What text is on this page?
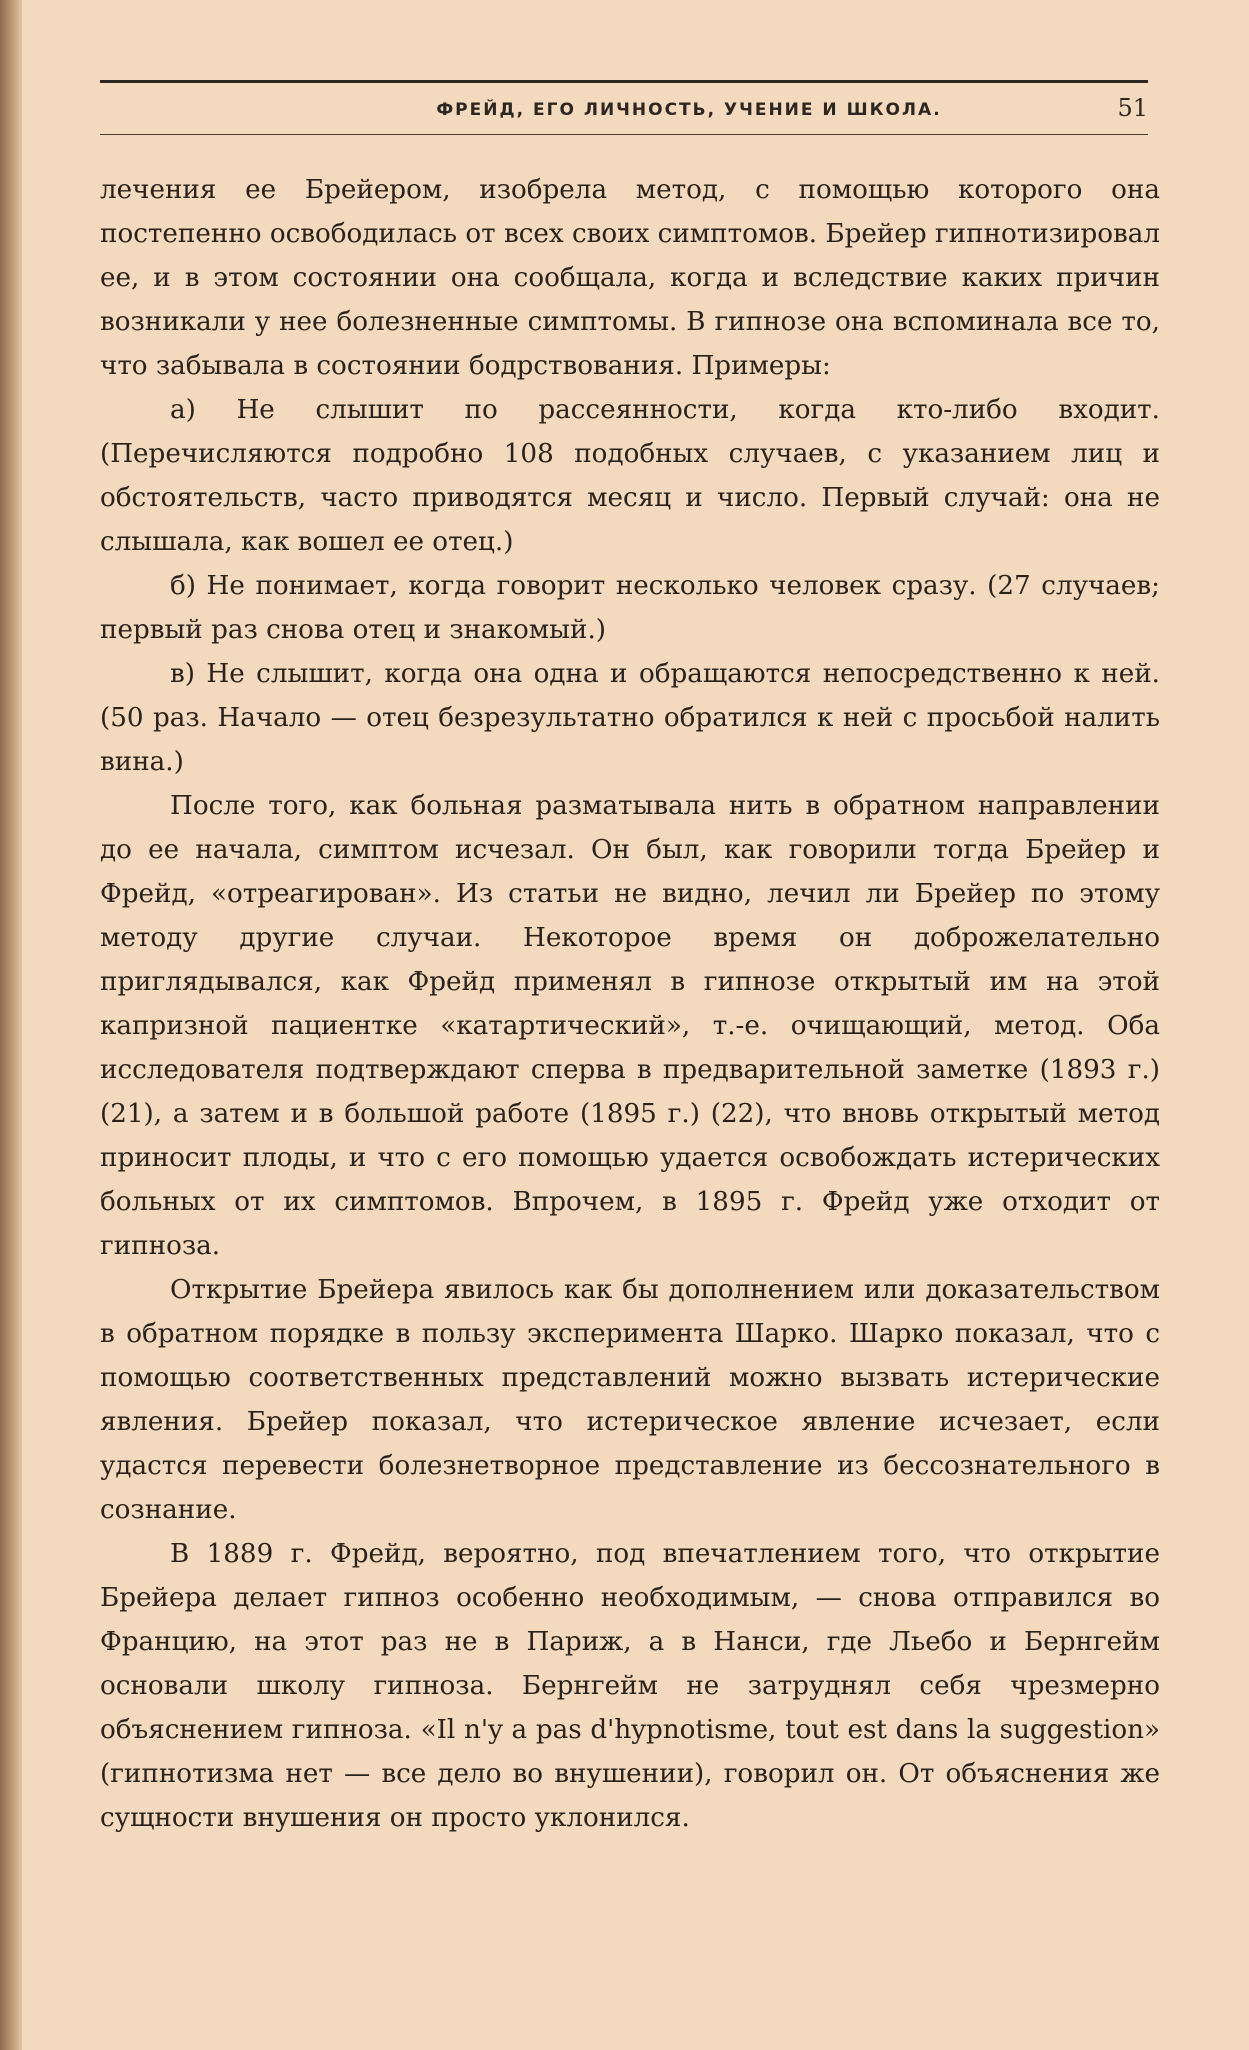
ФРЕЙД, ЕГО ЛИЧНОСТЬ, УЧЕНИЕ И ШКОЛА.	51

лечения ее Брейером, изобрела метод, с помощью которого она постепенно освободилась от всех своих симптомов. Брейер гипнотизировал ее, и в этом состоянии она сообщала, когда и вследствие каких причин возникали у нее болезненные симптомы. В гипнозе она вспоминала все то, что забывала в состоянии бодрствования. Примеры:

а) Не слышит по рассеянности, когда кто-либо входит. (Перечисляются подробно 108 подобных случаев, с указанием лиц и обстоятельств, часто приводятся месяц и число. Первый случай: она не слышала, как вошел ее отец.)

б) Не понимает, когда говорит несколько человек сразу. (27 случаев; первый раз снова отец и знакомый.)

в) Не слышит, когда она одна и обращаются непосредственно к ней. (50 раз. Начало — отец безрезультатно обратился к ней с просьбой налить вина.)

После того, как больная разматывала нить в обратном направлении до ее начала, симптом исчезал. Он был, как говорили тогда Брейер и Фрейд, «отреагирован». Из статьи не видно, лечил ли Брейер по этому методу другие случаи. Некоторое время он доброжелательно приглядывался, как Фрейд применял в гипнозе открытый им на этой капризной пациентке «катартический», т.-е. очищающий, метод. Оба исследователя подтверждают сперва в предварительной заметке (1893 г.) (21), а затем и в большой работе (1895 г.) (22), что вновь открытый метод приносит плоды, и что с его помощью удается освобождать истерических больных от их симптомов. Впрочем, в 1895 г. Фрейд уже отходит от гипноза.

Открытие Брейера явилось как бы дополнением или доказательством в обратном порядке в пользу эксперимента Шарко. Шарко показал, что с помощью соответственных представлений можно вызвать истерические явления. Брейер показал, что истерическое явление исчезает, если удастся перевести болезнетворное представление из бессознательного в сознание.

В 1889 г. Фрейд, вероятно, под впечатлением того, что открытие Брейера делает гипноз особенно необходимым, — снова отправился во Францию, на этот раз не в Париж, а в Нанси, где Льебо и Бернгейм основали школу гипноза. Бернгейм не затруднял себя чрезмерно объяснением гипноза. «Il n'y a pas d'hypnotisme, tout est dans la suggestion» (гипнотизма нет — все дело во внушении), говорил он. От объяснения же сущности внушения он просто уклонился.
